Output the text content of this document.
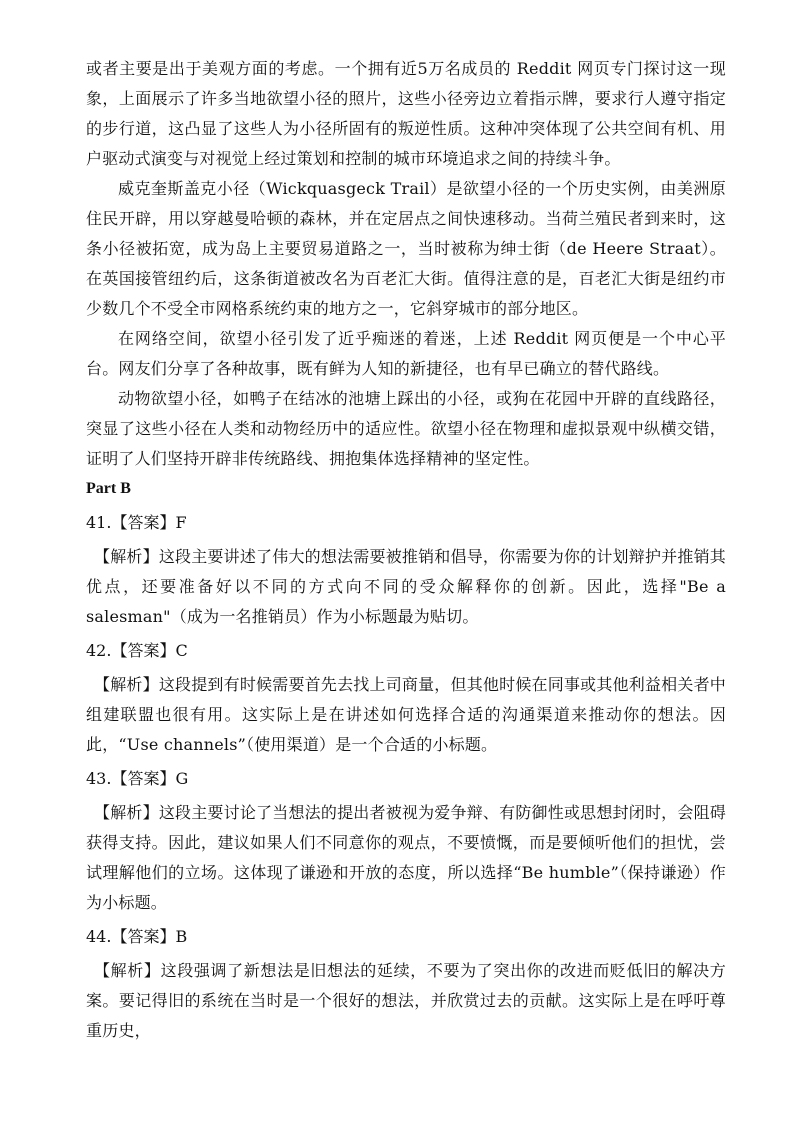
或者主要是出于美观方面的考虑。一个拥有近5万名成员的 Reddit 网页专门探讨这一现象，上面展示了许多当地欲望小径的照片，这些小径旁边立着指示牌，要求行人遵守指定的步行道，这凸显了这些人为小径所固有的叛逆性质。这种冲突体现了公共空间有机、用户驱动式演变与对视觉上经过策划和控制的城市环境追求之间的持续斗争。

威克奎斯盖克小径（Wickquasgeck Trail）是欲望小径的一个历史实例，由美洲原住民开辟，用以穿越曼哈顿的森林，并在定居点之间快速移动。当荷兰殖民者到来时，这条小径被拓宽，成为岛上主要贸易道路之一，当时被称为绅士街（de Heere Straat）。在英国接管纽约后，这条街道被改名为百老汇大街。值得注意的是，百老汇大街是纽约市少数几个不受全市网格系统约束的地方之一，它斜穿城市的部分地区。

在网络空间，欲望小径引发了近乎痴迷的着迷，上述 Reddit 网页便是一个中心平台。网友们分享了各种故事，既有鲜为人知的新捷径，也有早已确立的替代路线。

动物欲望小径，如鸭子在结冰的池塘上踩出的小径，或狗在花园中开辟的直线路径，突显了这些小径在人类和动物经历中的适应性。欲望小径在物理和虚拟景观中纵横交错，证明了人们坚持开辟非传统路线、拥抱集体选择精神的坚定性。

Part B
41.【答案】F

【解析】这段主要讲述了伟大的想法需要被推销和倡导，你需要为你的计划辩护并推销其优点，还要准备好以不同的方式向不同的受众解释你的创新。因此，选择"Be a salesman"（成为一名推销员）作为小标题最为贴切。

42.【答案】C

【解析】这段提到有时候需要首先去找上司商量，但其他时候在同事或其他利益相关者中组建联盟也很有用。这实际上是在讲述如何选择合适的沟通渠道来推动你的想法。因此，“Use channels”（使用渠道）是一个合适的小标题。

43.【答案】G

【解析】这段主要讨论了当想法的提出者被视为爱争辩、有防御性或思想封闭时，会阻碍获得支持。因此，建议如果人们不同意你的观点，不要愤慨，而是要倾听他们的担忧，尝试理解他们的立场。这体现了谦逊和开放的态度，所以选择“Be humble”（保持谦逊）作为小标题。

44.【答案】B

【解析】这段强调了新想法是旧想法的延续，不要为了突出你的改进而贬低旧的解决方案。要记得旧的系统在当时是一个很好的想法，并欣赏过去的贡献。这实际上是在呼吁尊重历史，
